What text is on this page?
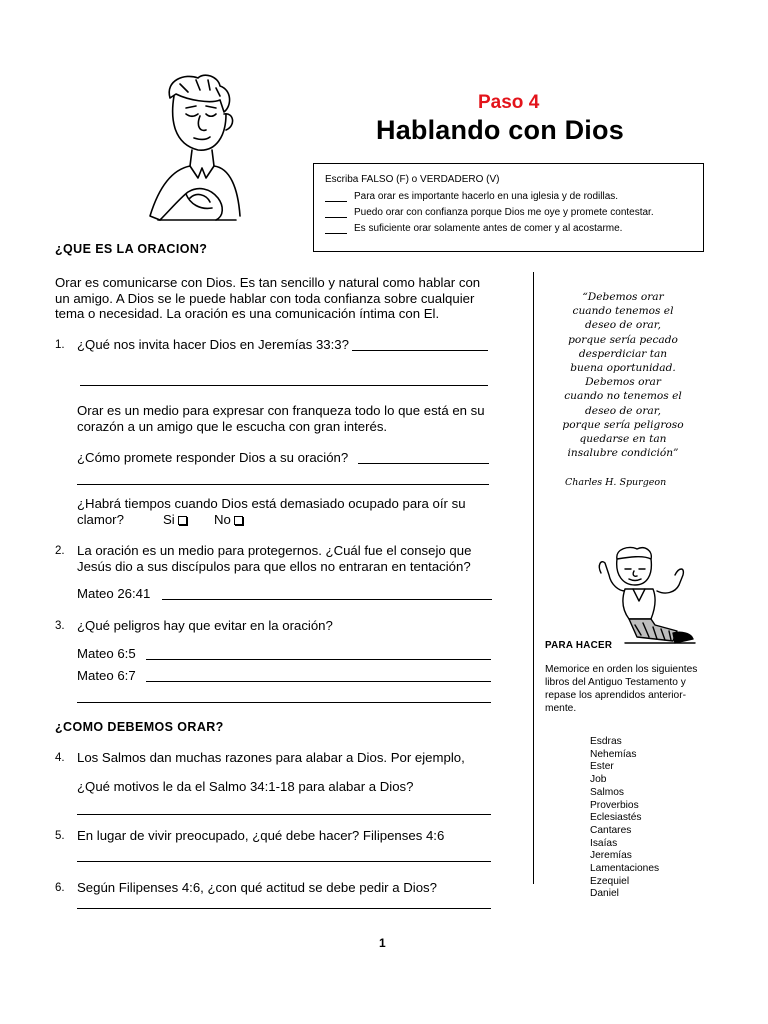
Paso 4
Hablando con Dios
Escriba FALSO (F) o VERDADERO (V)
Para orar es importante hacerlo en una iglesia y de rodillas.
Puedo orar con confianza porque Dios me oye y promete contestar.
Es suficiente orar solamente antes de comer y al acostarme.
¿QUE ES LA ORACION?
Orar es comunicarse con Dios. Es tan sencillo y natural como hablar con
un amigo. A Dios se le puede hablar con toda confianza sobre cualquier
tema o necesidad. La oración es una comunicación íntima con El.
1. ¿Qué nos invita hacer Dios en Jeremías 33:3?
Orar es un medio para expresar con franqueza todo lo que está en su
corazón a un amigo que le escucha con gran interés.
¿Cómo promete responder Dios a su oración?
¿Habrá tiempos cuando Dios está demasiado ocupado para oír su
clamor?	Si	No
2. La oración es un medio para protegernos. ¿Cuál fue el consejo que
Jesús dio a sus discípulos para que ellos no entraran en tentación?
Mateo 26:41
3. ¿Qué peligros hay que evitar en la oración?
Mateo 6:5
Mateo 6:7
¿COMO DEBEMOS ORAR?
4. Los Salmos dan muchas razones para alabar a Dios. Por ejemplo,
¿Qué motivos le da el Salmo 34:1-18 para alabar a Dios?
5. En lugar de vivir preocupado, ¿qué debe hacer? Filipenses 4:6
6. Según Filipenses 4:6, ¿con qué actitud se debe pedir a Dios?
“Debemos orar
cuando tenemos el
deseo de orar,
porque sería pecado
desperdiciar tan
buena oportunidad.
Debemos orar
cuando no tenemos el
deseo de orar,
porque sería peligroso
quedarse en tan
insalubre condición”
Charles H. Spurgeon
PARA HACER
Memorice en orden los siguientes
libros del Antiguo Testamento y
repase los aprendidos anterior-
mente.
Esdras
Nehemías
Ester
Job
Salmos
Proverbios
Eclesiastés
Cantares
Isaías
Jeremías
Lamentaciones
Ezequiel
Daniel
1
